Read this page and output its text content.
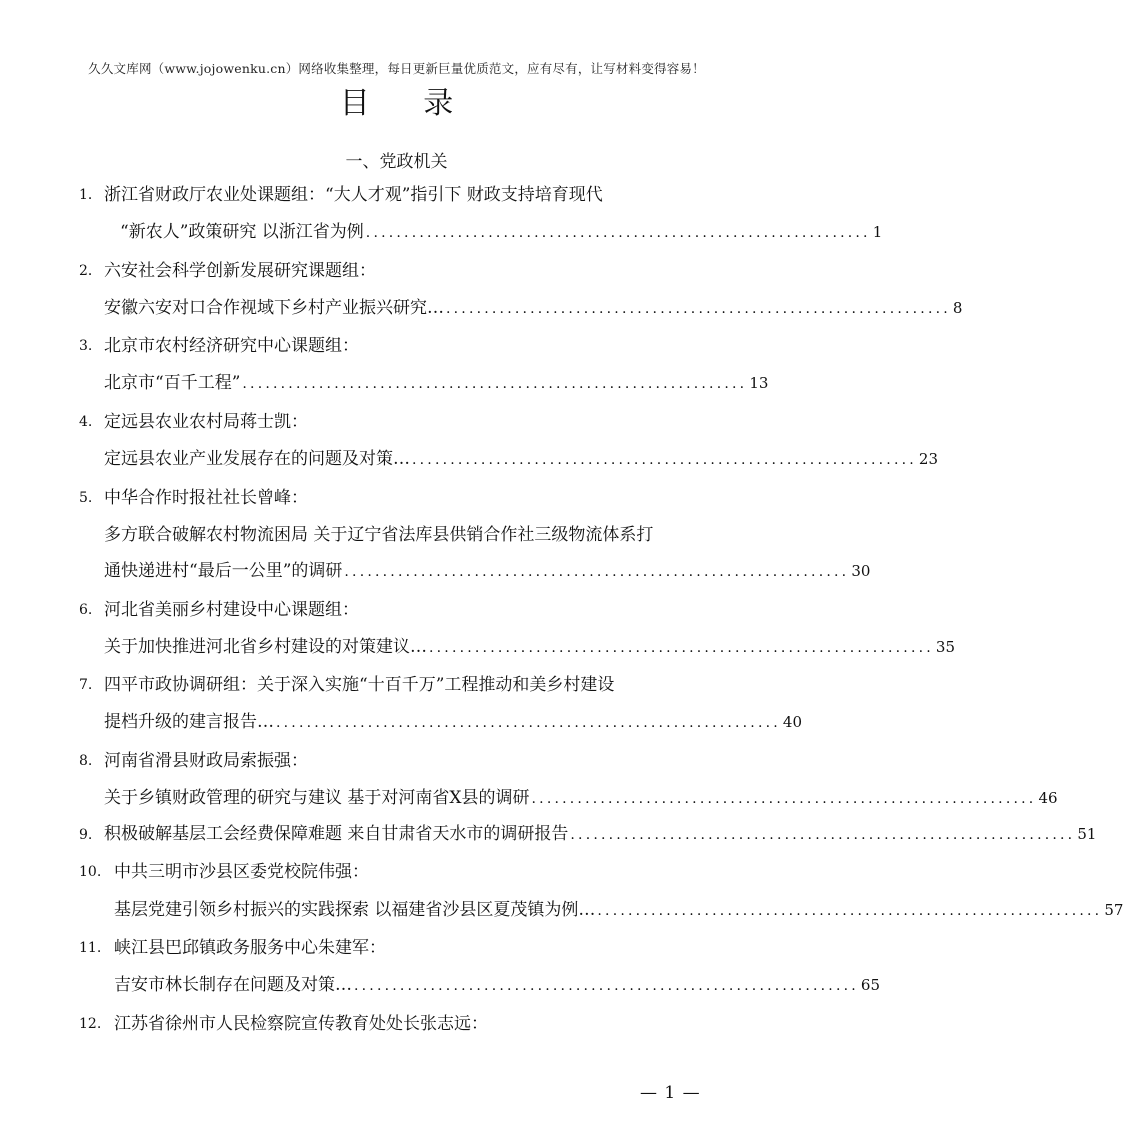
久久文库网（www.jojowenku.cn）网络收集整理，每日更新巨量优质范文，应有尽有，让写材料变得容易！
目 录
一、党政机关
1． 浙江省财政厅农业处课题组：“大人才观”指引下 财政支持培育现代
“新农人”政策研究 以浙江省为例 .................................................................. 1
2． 六安社会科学创新发展研究课题组：
安徽六安对口合作视域下乡村产业振兴研究… .................................................................. 8
3. 北京市农村经济研究中心课题组：
北京市“百千工程” .................................................................. 13
4. 定远县农业农村局蒋士凯：
定远县农业产业发展存在的问题及对策… .................................................................. 23
5. 中华合作时报社社长曾峰：
多方联合破解农村物流困局 关于辽宁省法库县供销合作社三级物流体系打
通快递进村“最后一公里”的调研 .................................................................. 30
6. 河北省美丽乡村建设中心课题组：
关于加快推进河北省乡村建设的对策建议… .................................................................. 35
7. 四平市政协调研组：关于深入实施“十百千万”工程推动和美乡村建设
提档升级的建言报告… .................................................................. 40
8. 河南省滑县财政局索振强：
关于乡镇财政管理的研究与建议 基于对河南省X县的调研 .................................................................. 46
9. 积极破解基层工会经费保障难题 来自甘肃省天水市的调研报告 .................................................................. 51
10. 中共三明市沙县区委党校院伟强：
基层党建引领乡村振兴的实践探索 以福建省沙县区夏茂镇为例… .................................................................. 57
11. 峡江县巴邱镇政务服务中心朱建军：
吉安市林长制存在问题及对策… .................................................................. 65
12. 江苏省徐州市人民检察院宣传教育处处长张志远：
— 1 —
